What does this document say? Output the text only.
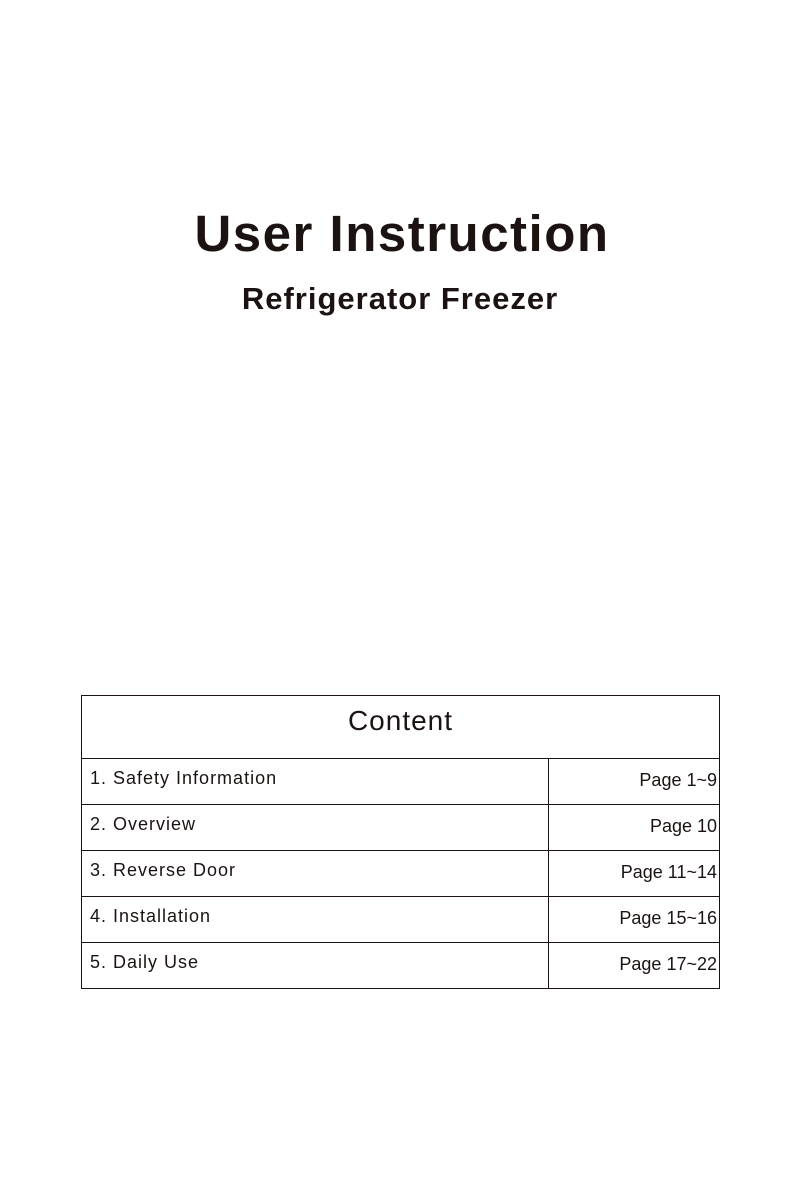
User Instruction
Refrigerator Freezer
Content
1. Safety Information	Page 1~9
2. Overview	Page 10
3. Reverse Door	Page 11~14
4. Installation	Page 15~16
5. Daily Use	Page 17~22
